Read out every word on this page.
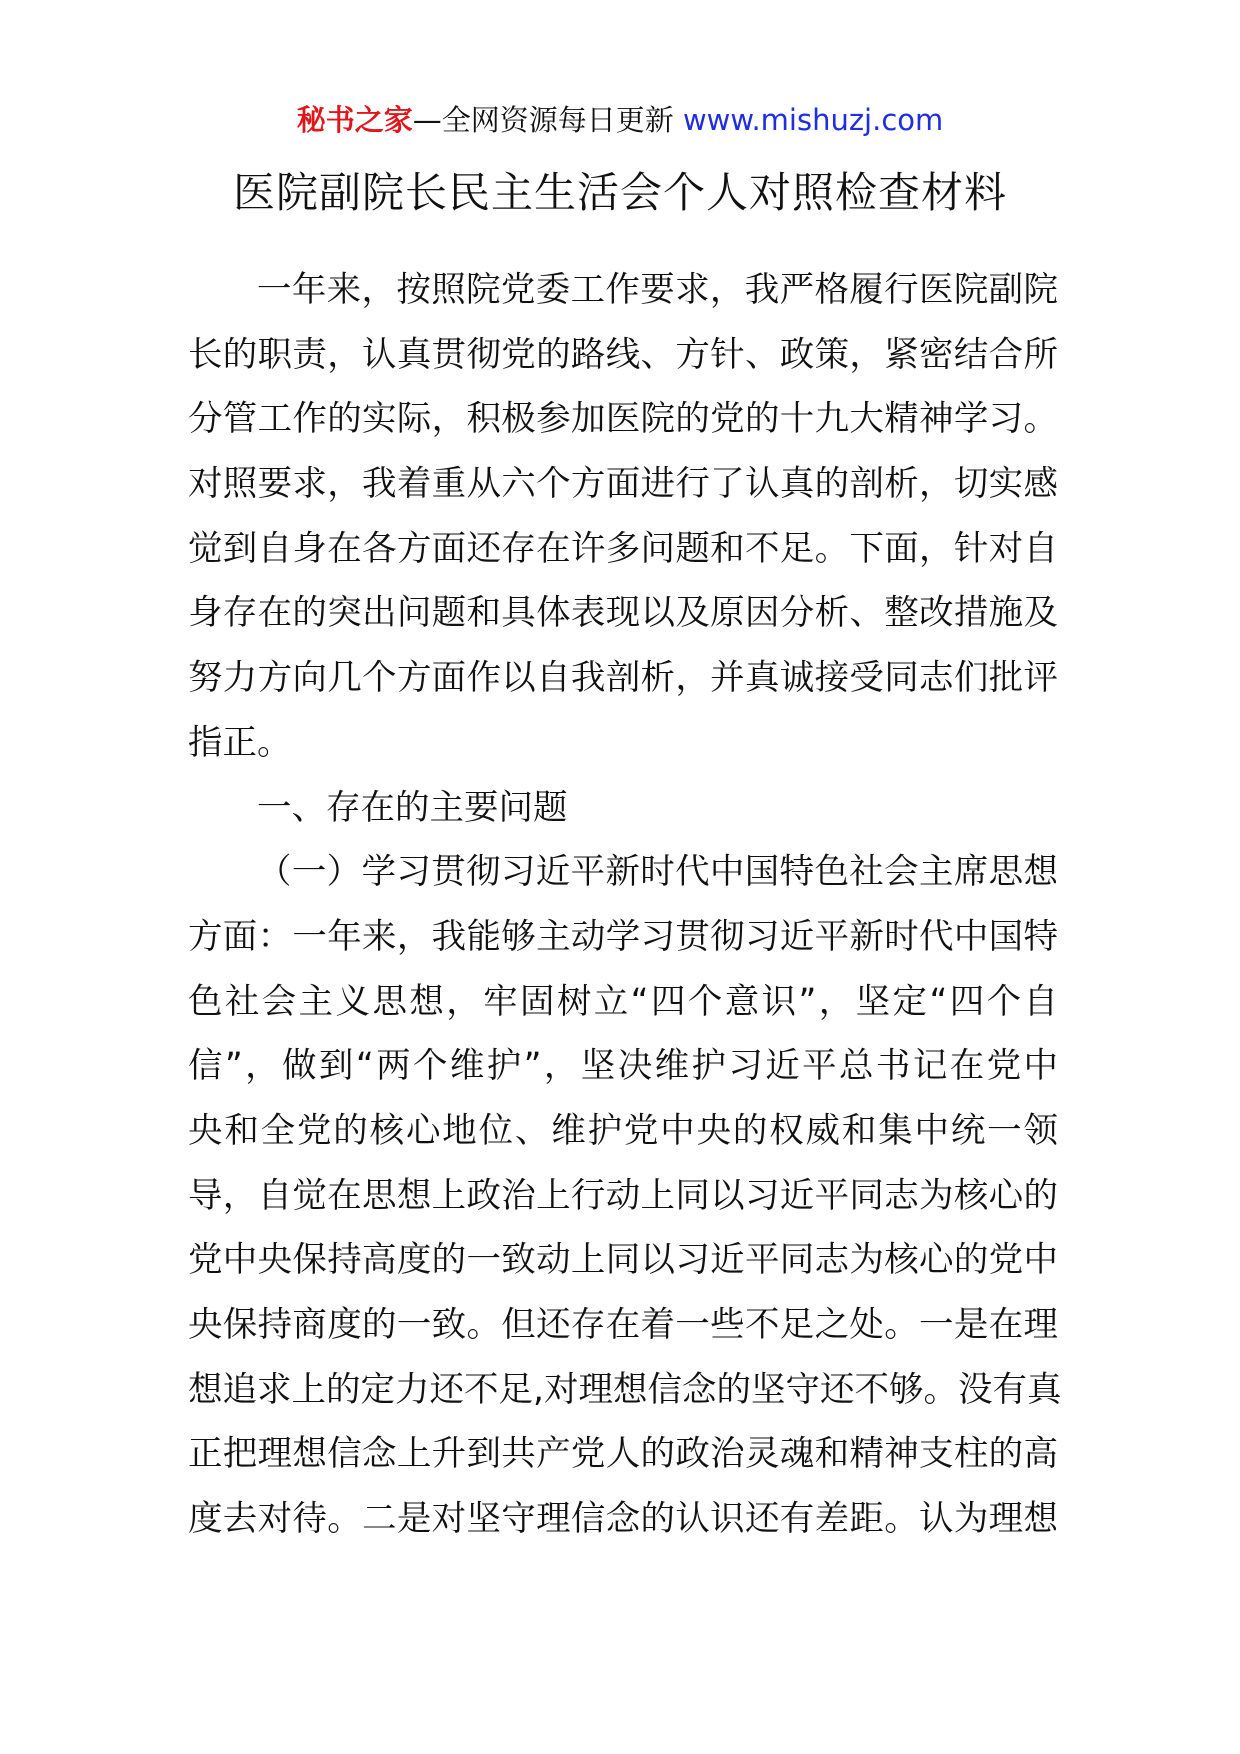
秘书之家—全网资源每日更新 www.mishuzj.com
医院副院长民主生活会个人对照检查材料
一年来，按照院党委工作要求，我严格履行医院副院
长的职责，认真贯彻党的路线、方针、政策，紧密结合所
分管工作的实际，积极参加医院的党的十九大精神学习。
对照要求，我着重从六个方面进行了认真的剖析，切实感
觉到自身在各方面还存在许多问题和不足。下面，针对自
身存在的突出问题和具体表现以及原因分析、整改措施及
努力方向几个方面作以自我剖析，并真诚接受同志们批评
指正。
一、存在的主要问题
（一）学习贯彻习近平新时代中国特色社会主席思想
方面：一年来，我能够主动学习贯彻习近平新时代中国特
色社会主义思想，牢固树立“四个意识”，坚定“四个自
信”，做到“两个维护”，坚决维护习近平总书记在党中
央和全党的核心地位、维护党中央的权威和集中统一领
导，自觉在思想上政治上行动上同以习近平同志为核心的
党中央保持高度的一致动上同以习近平同志为核心的党中
央保持商度的一致。但还存在着一些不足之处。一是在理
想追求上的定力还不足,对理想信念的坚守还不够。没有真
正把理想信念上升到共产党人的政治灵魂和精神支柱的高
度去对待。二是对坚守理信念的认识还有差距。认为理想
